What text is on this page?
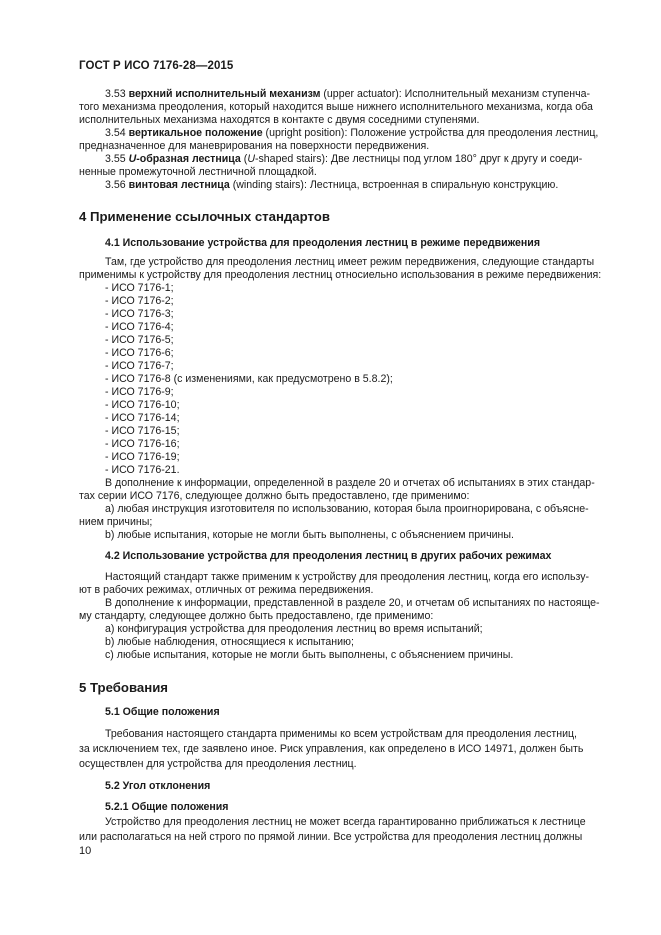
ГОСТ Р ИСО 7176-28—2015

3.53 верхний исполнительный механизм (upper actuator): Исполнительный механизм ступенча-

того механизма преодоления, который находится выше нижнего исполнительного механизма, когда оба

исполнительных механизма находятся в контакте с двумя соседними ступенями.

3.54 вертикальное положение (upright position): Положение устройства для преодоления лестниц,

предназначенное для маневрирования на поверхности передвижения.

3.55 U-образная лестница (U-shaped stairs): Две лестницы под углом 180° друг к другу и соеди-

ненные промежуточной лестничной площадкой.

3.56 винтовая лестница (winding stairs): Лестница, встроенная в спиральную конструкцию.

4 Применение ссылочных стандартов
4.1 Использование устройства для преодоления лестниц в режиме передвижения

Там, где устройство для преодоления лестниц имеет режим передвижения, следующие стандарты

применимы к устройству для преодоления лестниц относиельно использования в режиме передвижения:

- ИСО 7176-1;

- ИСО 7176-2;

- ИСО 7176-3;

- ИСО 7176-4;

- ИСО 7176-5;

- ИСО 7176-6;

- ИСО 7176-7;

- ИСО 7176-8 (с изменениями, как предусмотрено в 5.8.2);

- ИСО 7176-9;

- ИСО 7176-10;

- ИСО 7176-14;

- ИСО 7176-15;

- ИСО 7176-16;

- ИСО 7176-19;

- ИСО 7176-21.

В дополнение к информации, определенной в разделе 20 и отчетах об испытаниях в этих стандар-

тах серии ИСО 7176, следующее должно быть предоставлено, где применимо:

a) любая инструкция изготовителя по использованию, которая была проигнорирована, с объясне-

нием причины;

b) любые испытания, которые не могли быть выполнены, с объяснением причины.

4.2 Использование устройства для преодоления лестниц в других рабочих режимах

Настоящий стандарт также применим к устройству для преодоления лестниц, когда его использу-

ют в рабочих режимах, отличных от режима передвижения.

В дополнение к информации, представленной в разделе 20, и отчетам об испытаниях по настояще-

му стандарту, следующее должно быть предоставлено, где применимо:

a) конфигурация устройства для преодоления лестниц во время испытаний;

b) любые наблюдения, относящиеся к испытанию;

c) любые испытания, которые не могли быть выполнены, с объяснением причины.

5 Требования
5.1 Общие положения

Требования настоящего стандарта применимы ко всем устройствам для преодоления лестниц,

за исключением тех, где заявлено иное. Риск управления, как определено в ИСО 14971, должен быть

осуществлен для устройства для преодоления лестниц.

5.2 Угол отклонения
5.2.1 Общие положения

Устройство для преодоления лестниц не может всегда гарантированно приближаться к лестнице

или располагаться на ней строго по прямой линии. Все устройства для преодоления лестниц должны

10
